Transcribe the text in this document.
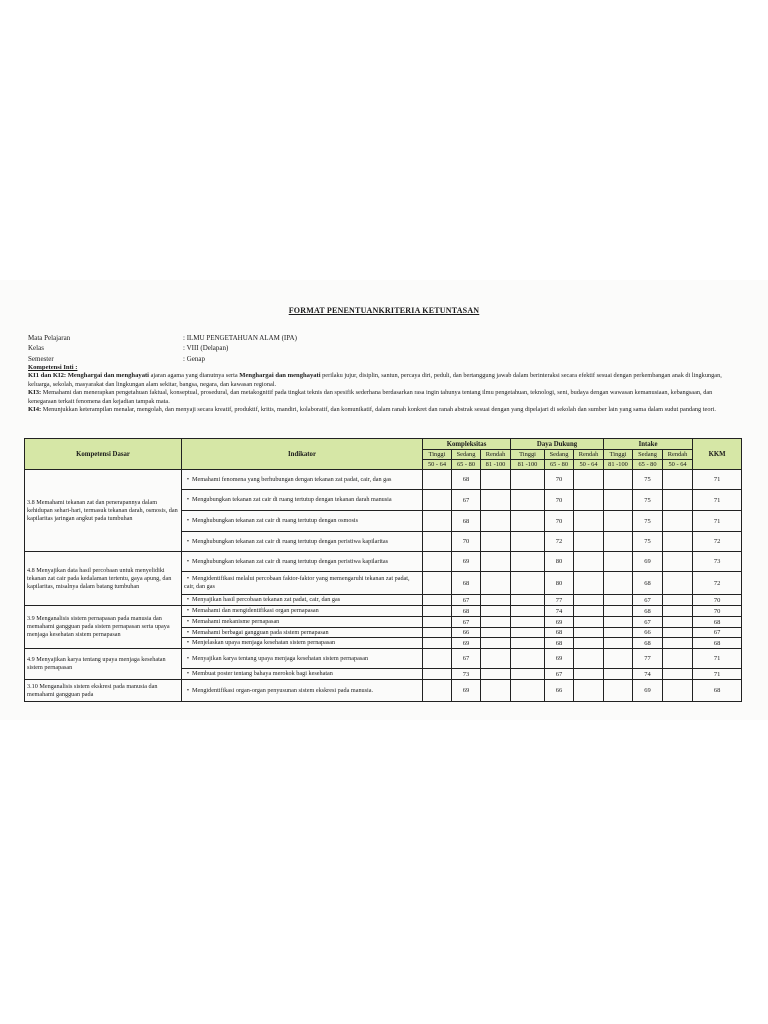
FORMAT PENENTUANKRITERIA KETUNTASAN
Mata Pelajaran	: ILMU PENGETAHUAN ALAM (IPA)
Kelas	: VIII (Delapan)
Semester	: Genap
Kompetensi Inti :
KI1 dan KI2: Menghargai dan menghayati ajaran agama yang dianutnya serta Menghargai dan menghayati perilaku jujur, disiplin, santun, percaya diri, peduli, dan bertanggung jawab dalam berinteraksi secara efektif sesuai dengan perkembangan anak di lingkungan, keluarga, sekolah, masyarakat dan lingkungan alam sekitar, bangsa, negara, dan kawasan regional.
KI3: Memahami dan menerapkan pengetahuan faktual, konseptual, prosedural, dan metakognitif pada tingkat teknis dan spesifik sederhana berdasarkan rasa ingin tahunya tentang ilmu pengetahuan, teknologi, seni, budaya dengan wawasan kemanusiaan, kebangsaan, dan kenegaraan terkait fenomena dan kejadian tampak mata.
KI4: Menunjukkan keterampilan menalar, mengolah, dan menyaji secara kreatif, produktif, kritis, mandiri, kolaboratif, dan komunikatif, dalam ranah konkret dan ranah abstrak sesuai dengan yang dipelajari di sekolah dan sumber lain yang sama dalam sudut pandang teori.
Kompetensi Dasar	Indikator	Kompleksitas			Daya Dukung			Intake			KKM
		Tinggi	Sedang	Rendah	Tinggi	Sedang	Rendah	Tinggi	Sedang	Rendah	
		50 - 64	65 - 80	81 -100	81 -100	65 - 80	50 - 64	81 -100	65 - 80	50 - 64	
3.8 Memahami tekanan zat dan penerapannya dalam kehidupan sehari-hari, termasuk tekanan darah, osmosis, dan kapilaritas jaringan angkut pada tumbuhan	• Memahami fenomena yang berhubungan dengan tekanan zat padat, cair, dan gas		68			70			75		71
	• Mengubungkan tekanan zat cair di ruang tertutup dengan tekanan darah manusia		67			70			75		71
	• Menghubungkan tekanan zat cair di ruang tertutup dengan osmosis		68			70			75		71
	• Menghubungkan tekanan zat cair di ruang tertutup dengan peristiwa kapilaritas		70			72			75		72
4.8 Menyajikan data hasil percobaan untuk menyelidiki tekanan zat cair pada kedalaman tertentu, gaya apung, dan kapilaritas, misalnya dalam batang tumbuhan	• Menghubungkan tekanan zat cair di ruang tertutup dengan peristiwa kapilaritas		69			80			69		73
	• Mengidentifikasi melalui percobaan faktor-faktor yang memengaruhi tekanan zat padat, cair, dan gas		68			80			68		72
	• Menyajikan hasil percobaan tekanan zat padat, cair, dan gas		67			77			67		70
3.9 Menganalisis sistem pernapasan pada manusia dan memahami gangguan pada sistem pernapasan serta upaya menjaga kesehatan sistem pernapasan	• Memahami dan mengidentifikasi organ pernapasan		68			74			68		70
	• Memahami mekanisme pernapasan		67			69			67		68
	• Memahami berbagai gangguan pada sistem pernapasan		66			68			66		67
	• Menjelaskan upaya menjaga kesehatan sistem pernapasan		69			68			68		68
4.9 Menyajikan karya tentang upaya menjaga kesehatan sistem pernapasan	• Menyajikan karya tentang upaya menjaga kesehatan sistem pernapasan		67			69			77		71
	• Membuat poster tentang bahaya merokok bagi kesehatan		73			67			74		71
3.10 Menganalisis sistem ekskresi pada manusia dan memahami gangguan pada	• Mengidentifikasi organ-organ penyusunan sistem ekskresi pada manusia.		69			66			69		68
